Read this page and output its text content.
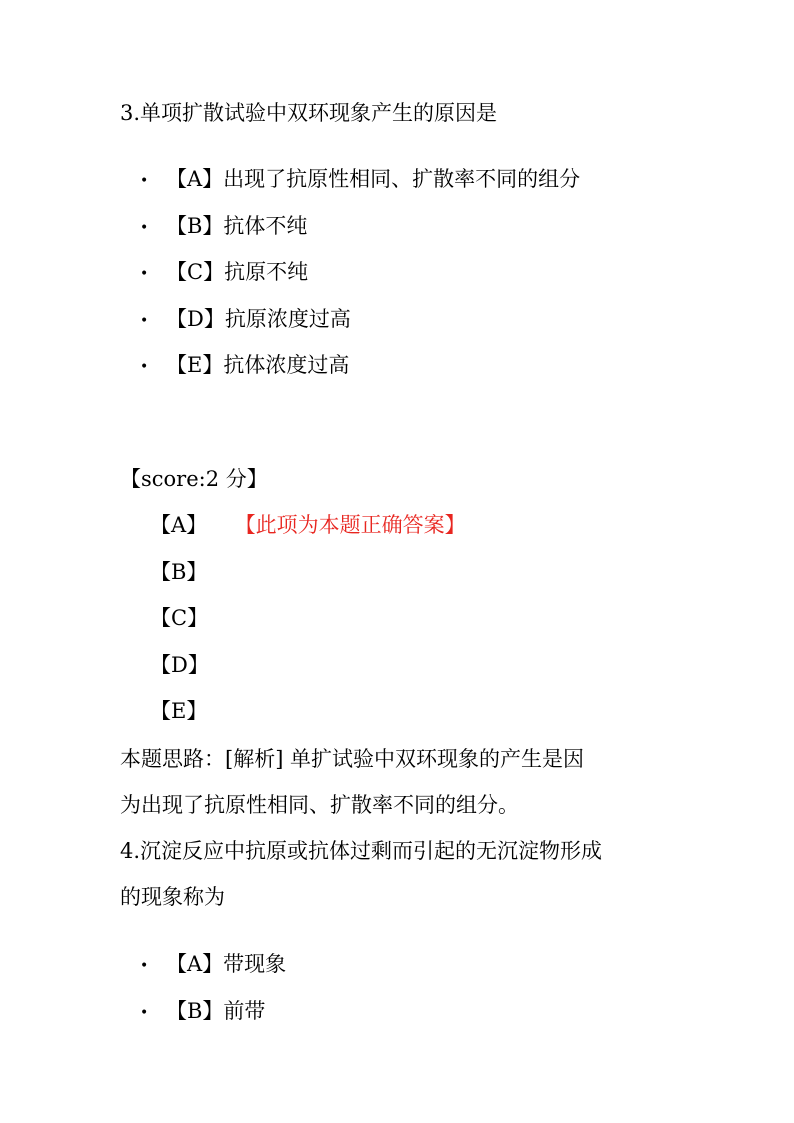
3.单项扩散试验中双环现象产生的原因是
• 【A】出现了抗原性相同、扩散率不同的组分
• 【B】抗体不纯
• 【C】抗原不纯
• 【D】抗原浓度过高
• 【E】抗体浓度过高
【score:2 分】
【A】 【此项为本题正确答案】
【B】
【C】
【D】
【E】
本题思路：[解析] 单扩试验中双环现象的产生是因
为出现了抗原性相同、扩散率不同的组分。
4.沉淀反应中抗原或抗体过剩而引起的无沉淀物形成
的现象称为
• 【A】带现象
• 【B】前带
